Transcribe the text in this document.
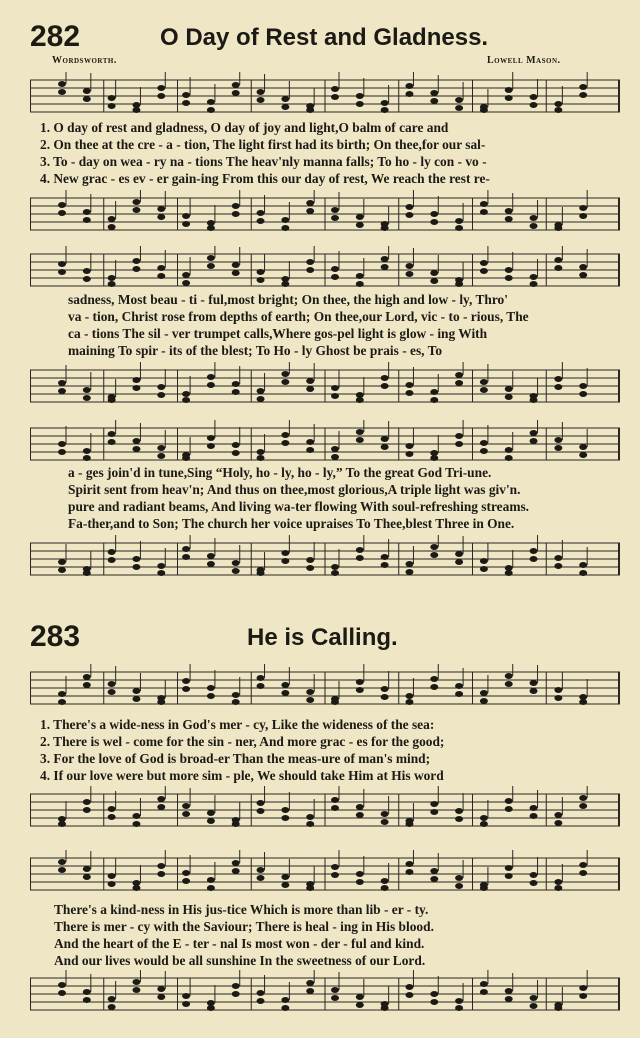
282	O Day of Rest and Gladness.
Wordsworth.	Lowell Mason.
1. O day of rest and gladness, O day of joy and light,O balm of care and
2. On thee at the cre - a - tion, The light first had its birth; On thee,for our sal-
3. To - day on wea - ry na - tions The heav'nly manna falls; To ho - ly con - vo -
4. New grac - es ev - er gain-ing From this our day of rest, We reach the rest re-
sadness, Most beau - ti - ful,most bright; On thee, the high and low - ly, Thro'
va - tion, Christ rose from depths of earth; On thee,our Lord, vic - to - rious, The
ca - tions The sil - ver trumpet calls,Where gos-pel light is glow - ing With
maining To spir - its of the blest; To Ho - ly Ghost be prais - es, To
a - ges join'd in tune,Sing “Holy, ho - ly, ho - ly,” To the great God Tri-une.
Spirit sent from heav'n; And thus on thee,most glorious,A triple light was giv'n.
pure and radiant beams, And living wa-ter flowing With soul-refreshing streams.
Fa-ther,and to Son; The church her voice upraises To Thee,blest Three in One.
283	He is Calling.
1. There's a wide-ness in God's mer - cy, Like the wideness of the sea:
2. There is wel - come for the sin - ner, And more grac - es for the good;
3. For the love of God is broad-er Than the meas-ure of man's mind;
4. If our love were but more sim - ple, We should take Him at His word
There's a kind-ness in His jus-tice Which is more than lib - er - ty.
There is mer - cy with the Saviour; There is heal - ing in His blood.
And the heart of the E - ter - nal Is most won - der - ful and kind.
And our lives would be all sunshine In the sweetness of our Lord.
